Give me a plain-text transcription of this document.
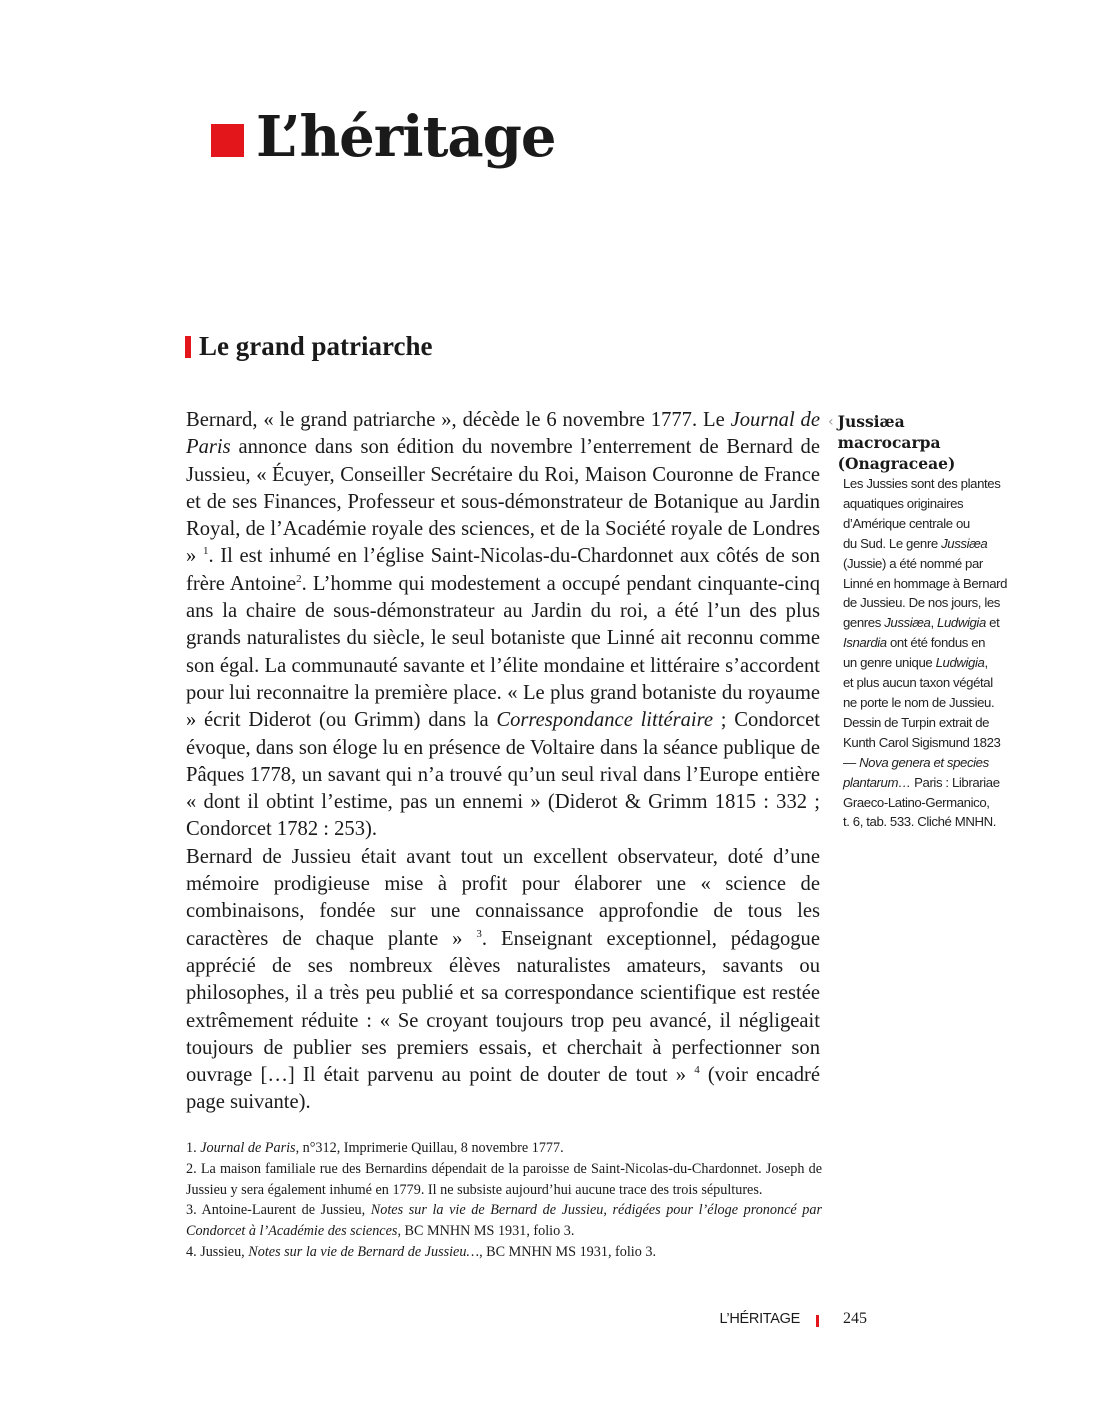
L’héritage
Le grand patriarche

Bernard, « le grand patriarche », décède le 6 novembre 1777. Le Journal de Paris annonce dans son édition du novembre l’enterrement de Bernard de Jussieu, « Écuyer, Conseiller Secrétaire du Roi, Maison Couronne de France et de ses Finances, Professeur et sous-démonstrateur de Botanique au Jardin Royal, de l’Académie royale des sciences, et de la Société royale de Londres » $^1$. Il est inhumé en l’église Saint-Nicolas-du-Chardonnet aux côtés de son frère Antoine$^2$. L’homme qui modestement a occupé pendant cinquante-cinq ans la chaire de sous-démonstrateur au Jardin du roi, a été l’un des plus grands naturalistes du siècle, le seul botaniste que Linné ait reconnu comme son égal. La communauté savante et l’élite mondaine et littéraire s’accordent pour lui reconnaitre la première place. « Le plus grand botaniste du royaume » écrit Diderot (ou Grimm) dans la Correspondance littéraire ; Condorcet évoque, dans son éloge lu en présence de Voltaire dans la séance publique de Pâques 1778, un savant qui n’a trouvé qu’un seul rival dans l’Europe entière « dont il obtint l’estime, pas un ennemi » (Diderot & Grimm 1815 : 332 ; Condorcet 1782 : 253).

Bernard de Jussieu était avant tout un excellent observateur, doté d’une mémoire prodigieuse mise à profit pour élaborer une « science de combinaisons, fondée sur une connaissance approfondie de tous les caractères de chaque plante » $^3$. Enseignant exceptionnel, pédagogue apprécié de ses nombreux élèves naturalistes amateurs, savants ou philosophes, il a très peu publié et sa correspondance scientifique est restée extrêmement réduite : « Se croyant toujours trop peu avancé, il négligeait toujours de publier ses premiers essais, et cherchait à perfectionner son ouvrage […] Il était parvenu au point de douter de tout » $^4$ (voir encadré page suivante).

‹ Jussiæa macrocarpa (Onagraceae)
Les Jussies sont des plantes
aquatiques originaires
d’Amérique centrale ou
du Sud. Le genre Jussiæa
(Jussie) a été nommé par
Linné en hommage à Bernard
de Jussieu. De nos jours, les
genres Jussiæa, Ludwigia et
Isnardia ont été fondus en
un genre unique Ludwigia,
et plus aucun taxon végétal
ne porte le nom de Jussieu.
Dessin de Turpin extrait de
Kunth Carol Sigismund 1823
— Nova genera et species
plantarum… Paris : Librariae
Graeco-Latino-Germanico,
t. 6, tab. 533. Cliché MNHN.

1. Journal de Paris, n°312, Imprimerie Quillau, 8 novembre 1777.

2. La maison familiale rue des Bernardins dépendait de la paroisse de Saint-Nicolas-du-Chardonnet. Joseph de Jussieu y sera également inhumé en 1779. Il ne subsiste aujourd’hui aucune trace des trois sépultures.

3. Antoine-Laurent de Jussieu, Notes sur la vie de Bernard de Jussieu, rédigées pour l’éloge prononcé par Condorcet à l’Académie des sciences, BC MNHN MS 1931, folio 3.

4. Jussieu, Notes sur la vie de Bernard de Jussieu…, BC MNHN MS 1931, folio 3.

L’HÉRITAGE	245
